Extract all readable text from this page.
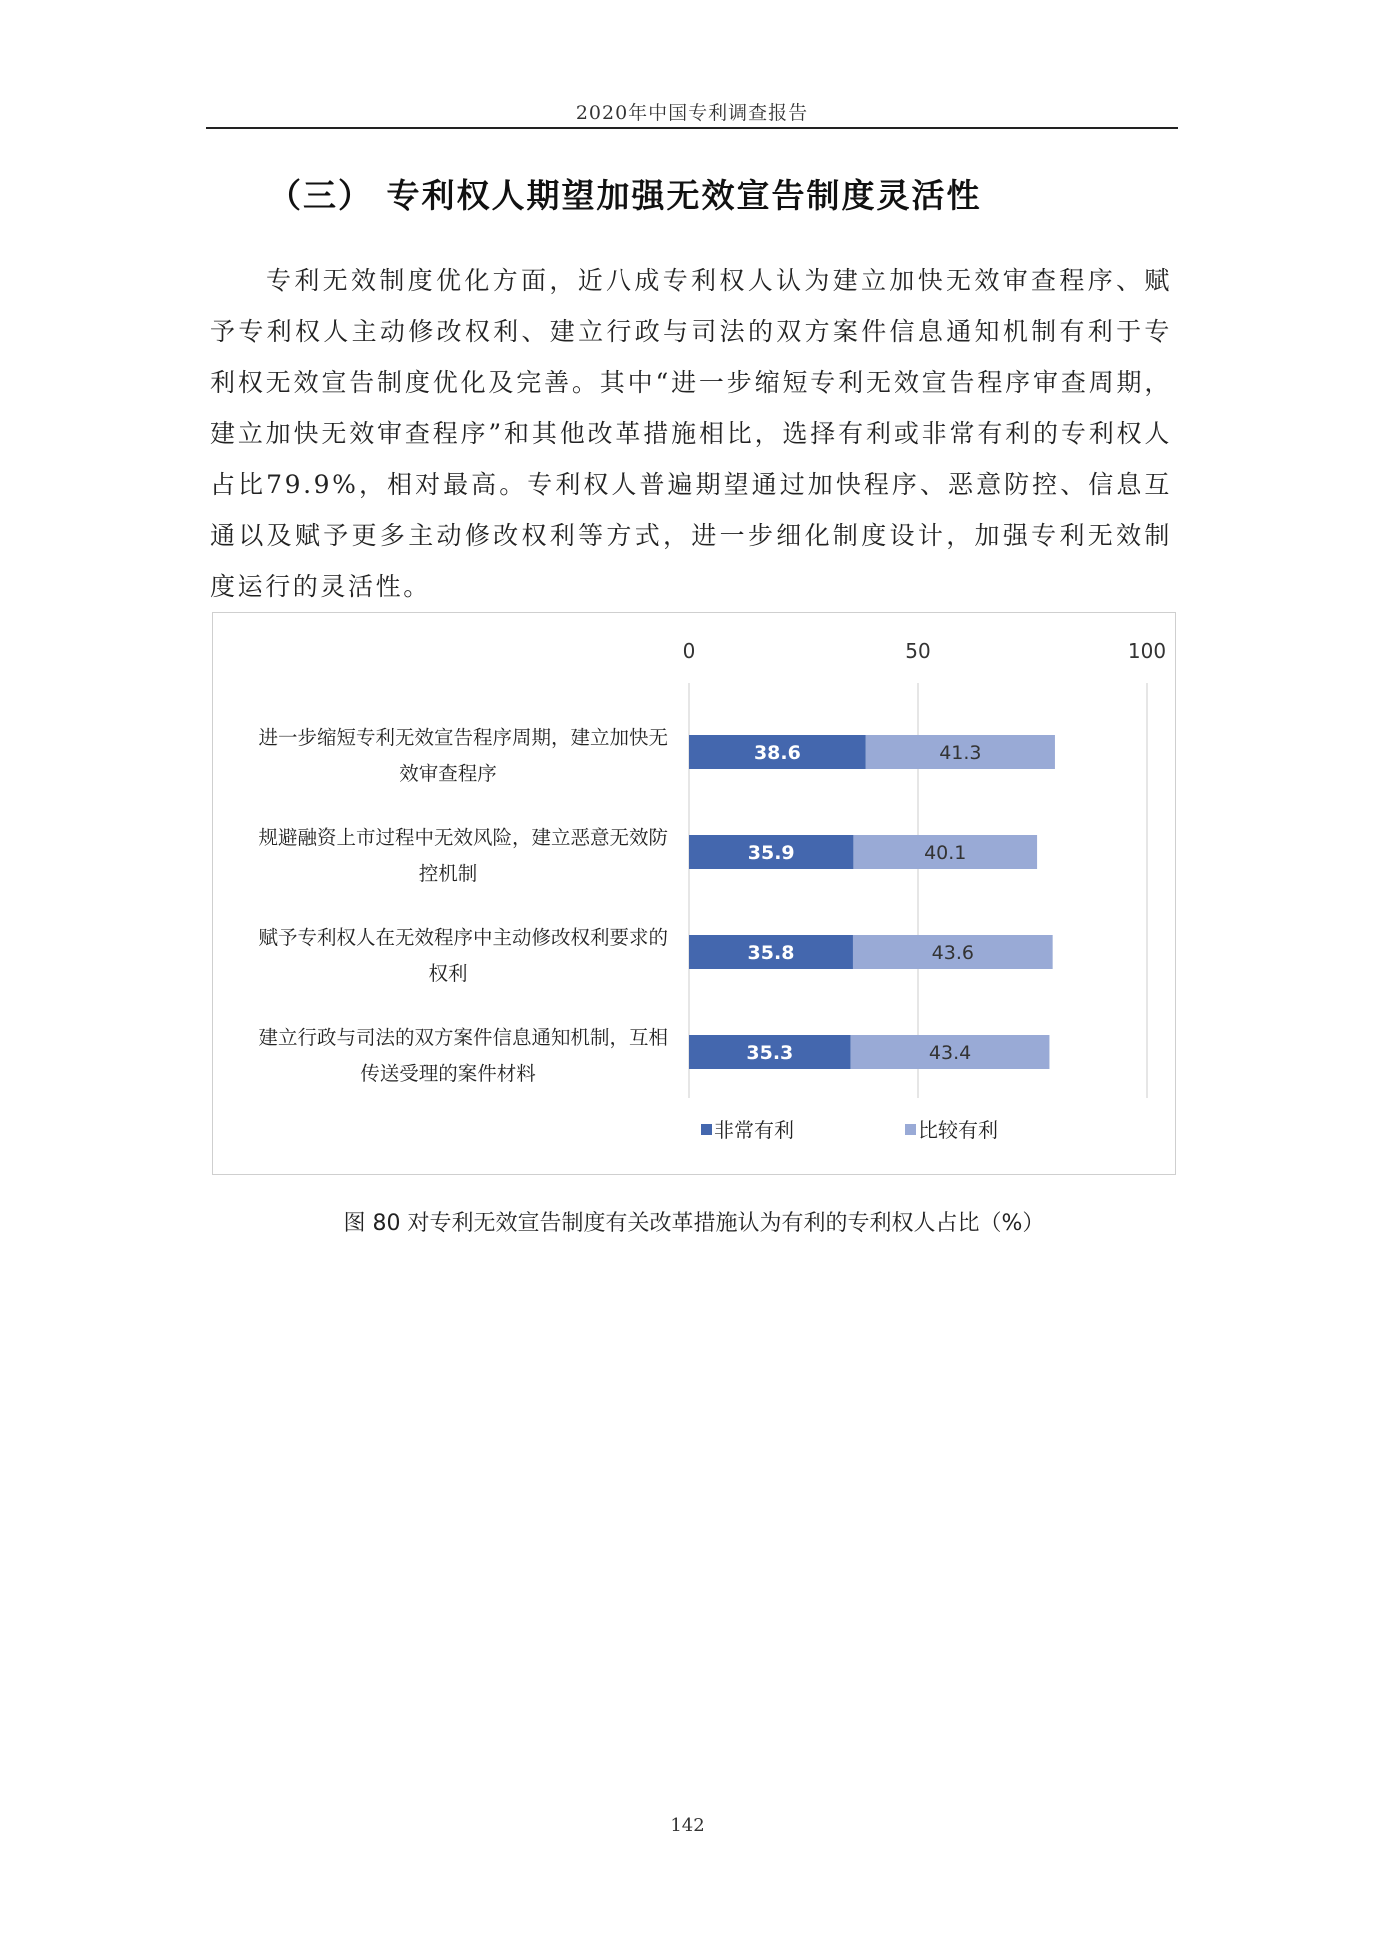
2020年中国专利调查报告
（三） 专利权人期望加强无效宣告制度灵活性

专利无效制度优化方面，近八成专利权人认为建立加快无效审查程序、赋予专利权人主动修改权利、建立行政与司法的双方案件信息通知机制有利于专利权无效宣告制度优化及完善。其中“进一步缩短专利无效宣告程序审查周期，建立加快无效审查程序”和其他改革措施相比，选择有利或非常有利的专利权人占比79.9%，相对最高。专利权人普遍期望通过加快程序、恶意防控、信息互通以及赋予更多主动修改权利等方式，进一步细化制度设计，加强专利无效制度运行的灵活性。

0	50	100
进一步缩短专利无效宣告程序周期，建立加快无
效审查程序
规避融资上市过程中无效风险，建立恶意无效防
控机制
赋予专利权人在无效程序中主动修改权利要求的
权利
建立行政与司法的双方案件信息通知机制，互相
传送受理的案件材料
38.6	41.3
35.9	40.1
35.8	43.6
35.3	43.4
非常有利	比较有利
图 80 对专利无效宣告制度有关改革措施认为有利的专利权人占比（%）
142
